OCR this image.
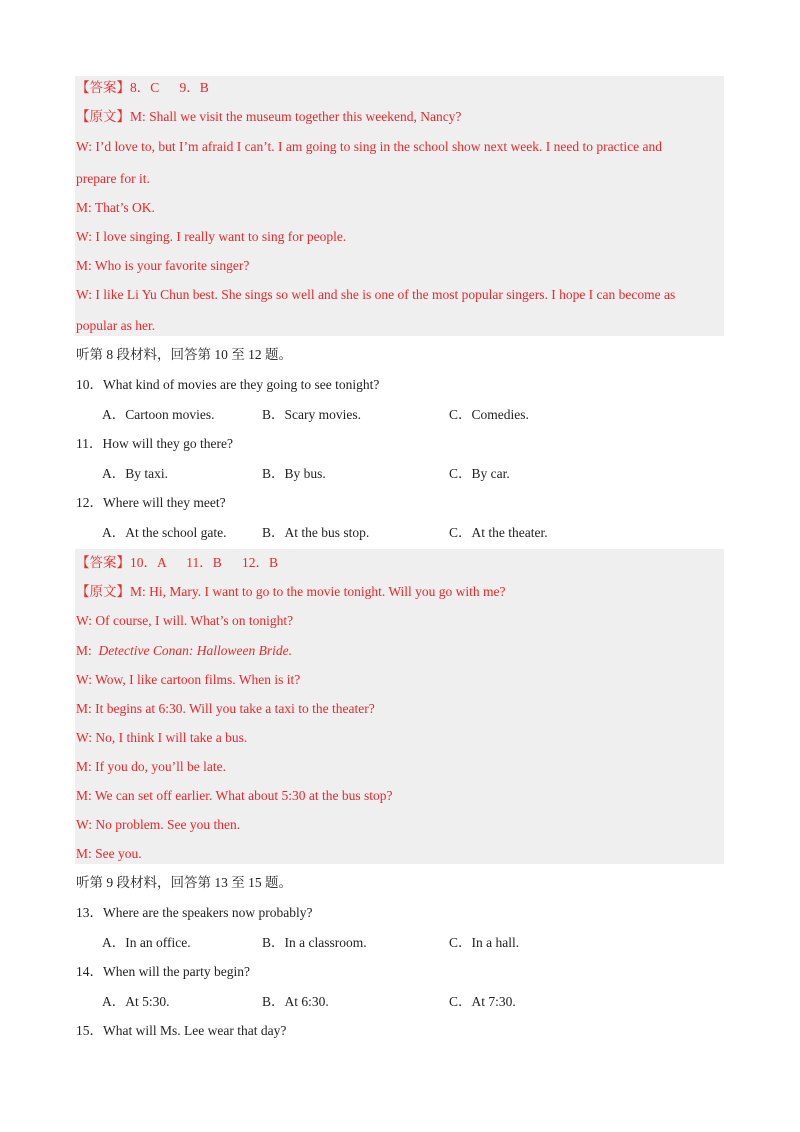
【答案】8．C      9．B
【原文】M: Shall we visit the museum together this weekend, Nancy?
W: I’d love to, but I’m afraid I can’t. I am going to sing in the school show next week. I need to practice and
prepare for it.
M: That’s OK.
W: I love singing. I really want to sing for people.
M: Who is your favorite singer?
W: I like Li Yu Chun best. She sings so well and she is one of the most popular singers. I hope I can become as
popular as her.
听第 8 段材料，回答第 10 至 12 题。
10．What kind of movies are they going to see tonight?
A．Cartoon movies.	B．Scary movies.	C．Comedies.
11．How will they go there?
A．By taxi.	B．By bus.	C．By car.
12．Where will they meet?
A．At the school gate.	B．At the bus stop.	C．At the theater.
【答案】10．A      11．B      12．B
【原文】M: Hi, Mary. I want to go to the movie tonight. Will you go with me?
W: Of course, I will. What’s on tonight?
M:  Detective Conan: Halloween Bride.
W: Wow, I like cartoon films. When is it?
M: It begins at 6:30. Will you take a taxi to the theater?
W: No, I think I will take a bus.
M: If you do, you’ll be late.
M: We can set off earlier. What about 5:30 at the bus stop?
W: No problem. See you then.
M: See you.
听第 9 段材料，回答第 13 至 15 题。
13．Where are the speakers now probably?
A．In an office.	B．In a classroom.	C．In a hall.
14．When will the party begin?
A．At 5:30.	B．At 6:30.	C．At 7:30.
15．What will Ms. Lee wear that day?
